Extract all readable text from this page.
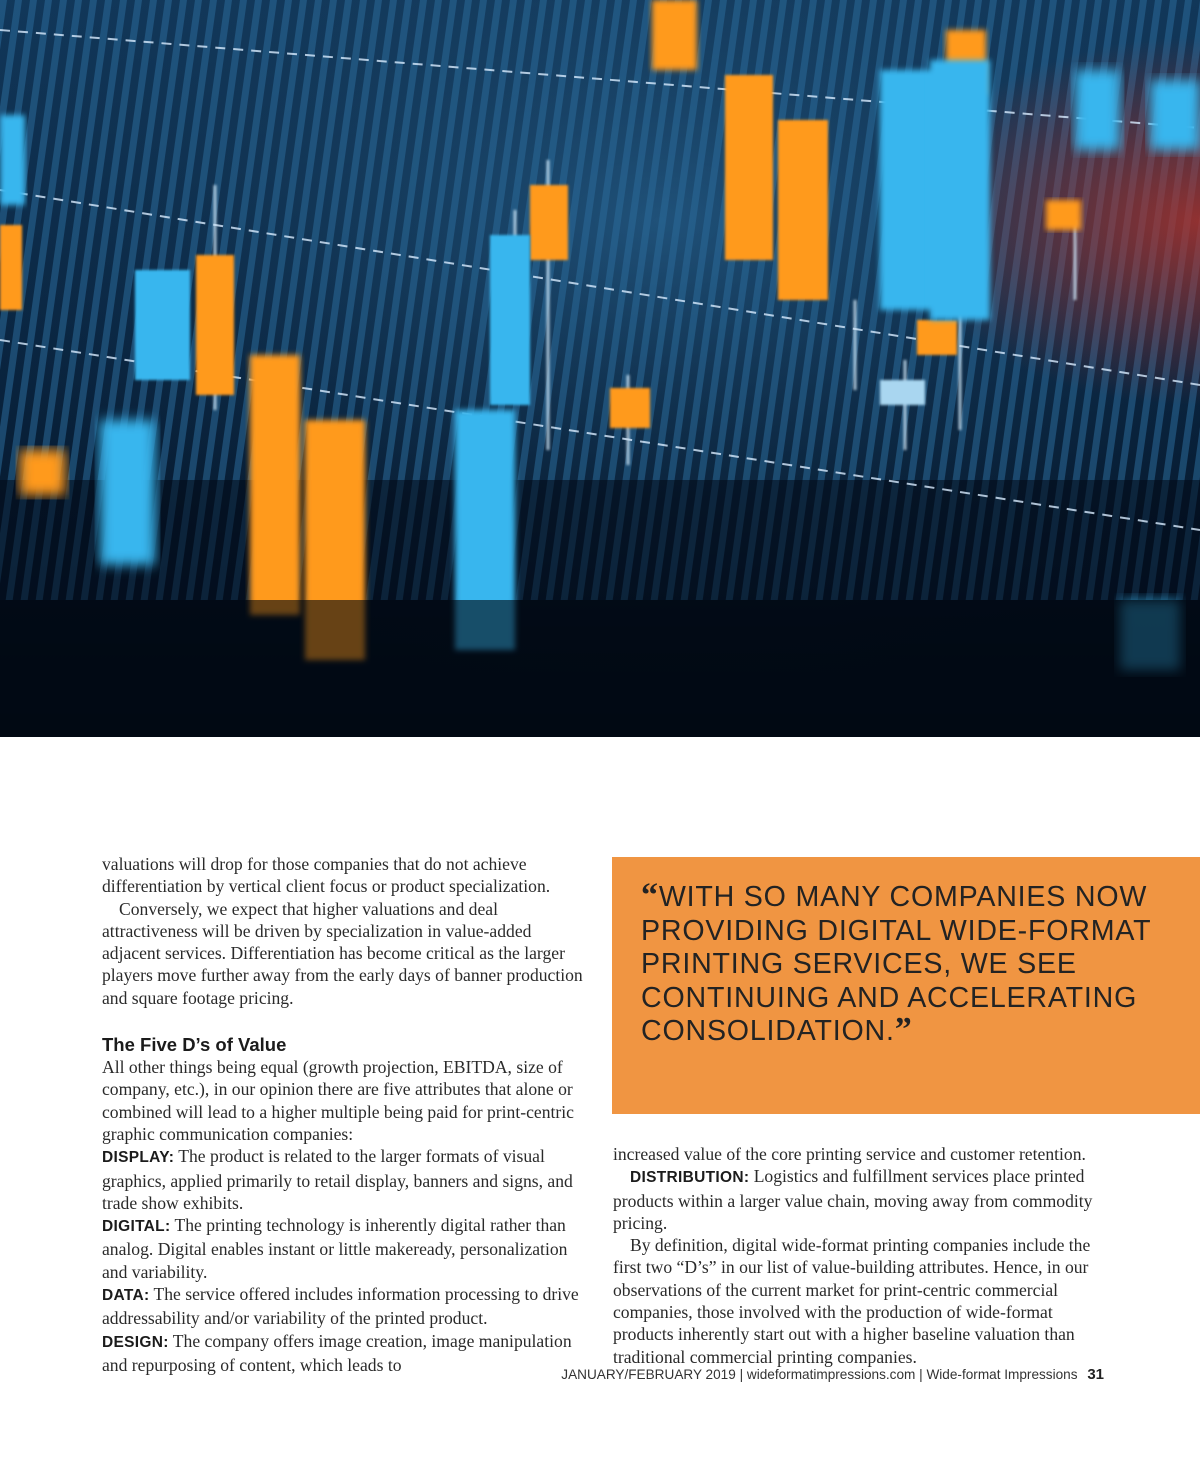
valuations will drop for those companies that do not achieve differentiation by vertical client focus or product specialization.

Conversely, we expect that higher valuations and deal attractiveness will be driven by specialization in value-added adjacent services. Differentiation has become critical as the larger players move further away from the early days of banner production and square footage pricing.

The Five D’s of Value

All other things being equal (growth projection, EBITDA, size of company, etc.), in our opinion there are five attributes that alone or combined will lead to a higher multiple being paid for print-centric graphic communication companies:

DISPLAY: The product is related to the larger formats of visual graphics, applied primarily to retail display, banners and signs, and trade show exhibits.

DIGITAL: The printing technology is inherently digital rather than analog. Digital enables instant or little makeready, personalization and variability.

DATA: The service offered includes information processing to drive addressability and/or variability of the printed product.

DESIGN: The company offers image creation, image manipulation and repurposing of content, which leads to

“WITH SO MANY COMPANIES NOW PROVIDING DIGITAL WIDE-FORMAT PRINTING SERVICES, WE SEE CONTINUING AND ACCELERATING CONSOLIDATION.”

increased value of the core printing service and customer retention.

DISTRIBUTION: Logistics and fulfillment services place printed products within a larger value chain, moving away from commodity pricing.

By definition, digital wide-format printing companies include the first two “D’s” in our list of value-building attributes. Hence, in our observations of the current market for print-centric commercial companies, those involved with the production of wide-format products inherently start out with a higher baseline valuation than traditional commercial printing companies.

JANUARY/FEBRUARY 2019 | wideformatimpressions.com | Wide-format Impressions 31
